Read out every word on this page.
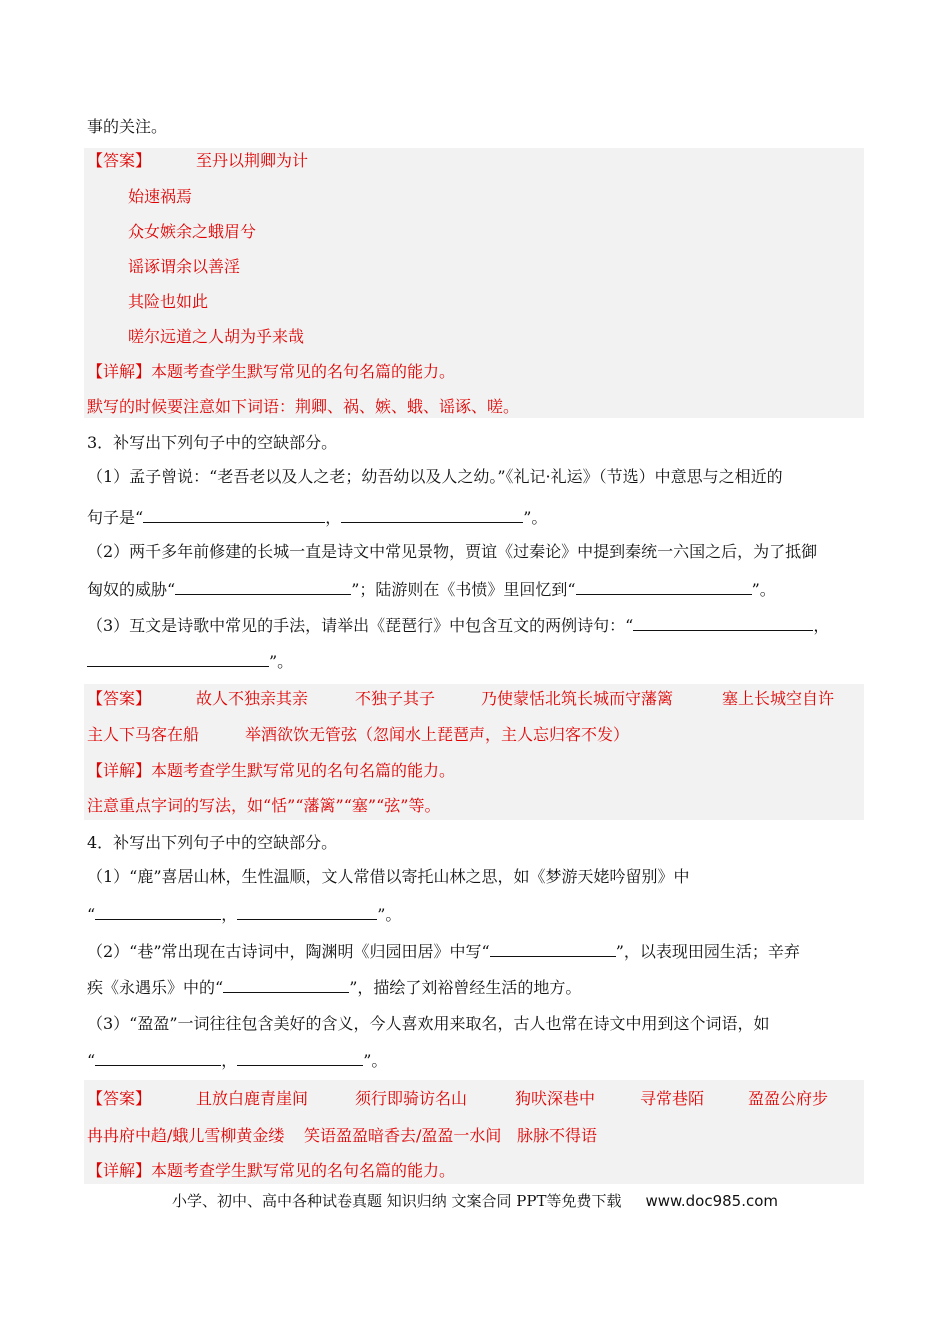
事的关注。
【答案】	至丹以荆卿为计
始速祸焉
众女嫉余之蛾眉兮
谣诼谓余以善淫
其险也如此
嗟尔远道之人胡为乎来哉
【详解】本题考查学生默写常见的名句名篇的能力。
默写的时候要注意如下词语：荆卿、祸、嫉、蛾、谣诼、嗟。
3．补写出下列句子中的空缺部分。
（1）孟子曾说：“老吾老以及人之老；幼吾幼以及人之幼。”《礼记·礼运》（节选）中意思与之相近的
句子是“	，	”。
（2）两千多年前修建的长城一直是诗文中常见景物，贾谊《过秦论》中提到秦统一六国之后，为了抵御
匈奴的威胁“	”；陆游则在《书愤》里回忆到“	”。
（3）互文是诗歌中常见的手法，请举出《琵琶行》中包含互文的两例诗句：“	，
”。
【答案】	故人不独亲其亲	不独子其子	乃使蒙恬北筑长城而守藩篱	塞上长城空自许
主人下马客在船	举酒欲饮无管弦（忽闻水上琵琶声，主人忘归客不发）
【详解】本题考查学生默写常见的名句名篇的能力。
注意重点字词的写法，如“恬”“藩篱”“塞”“弦”等。
4．补写出下列句子中的空缺部分。
（1）“鹿”喜居山林，生性温顺，文人常借以寄托山林之思，如《梦游天姥吟留别》中
“	，	”。
（2）“巷”常出现在古诗词中，陶渊明《归园田居》中写“	”，以表现田园生活；辛弃
疾《永遇乐》中的“	”，描绘了刘裕曾经生活的地方。
（3）“盈盈”一词往往包含美好的含义，今人喜欢用来取名，古人也常在诗文中用到这个词语，如
“	，	”。
【答案】	且放白鹿青崖间	须行即骑访名山	狗吠深巷中	寻常巷陌	盈盈公府步
冉冉府中趋/蛾儿雪柳黄金缕 笑语盈盈暗香去/盈盈一水间 脉脉不得语
【详解】本题考查学生默写常见的名句名篇的能力。
小学、初中、高中各种试卷真题 知识归纳 文案合同 PPT等免费下载 www.doc985.com
